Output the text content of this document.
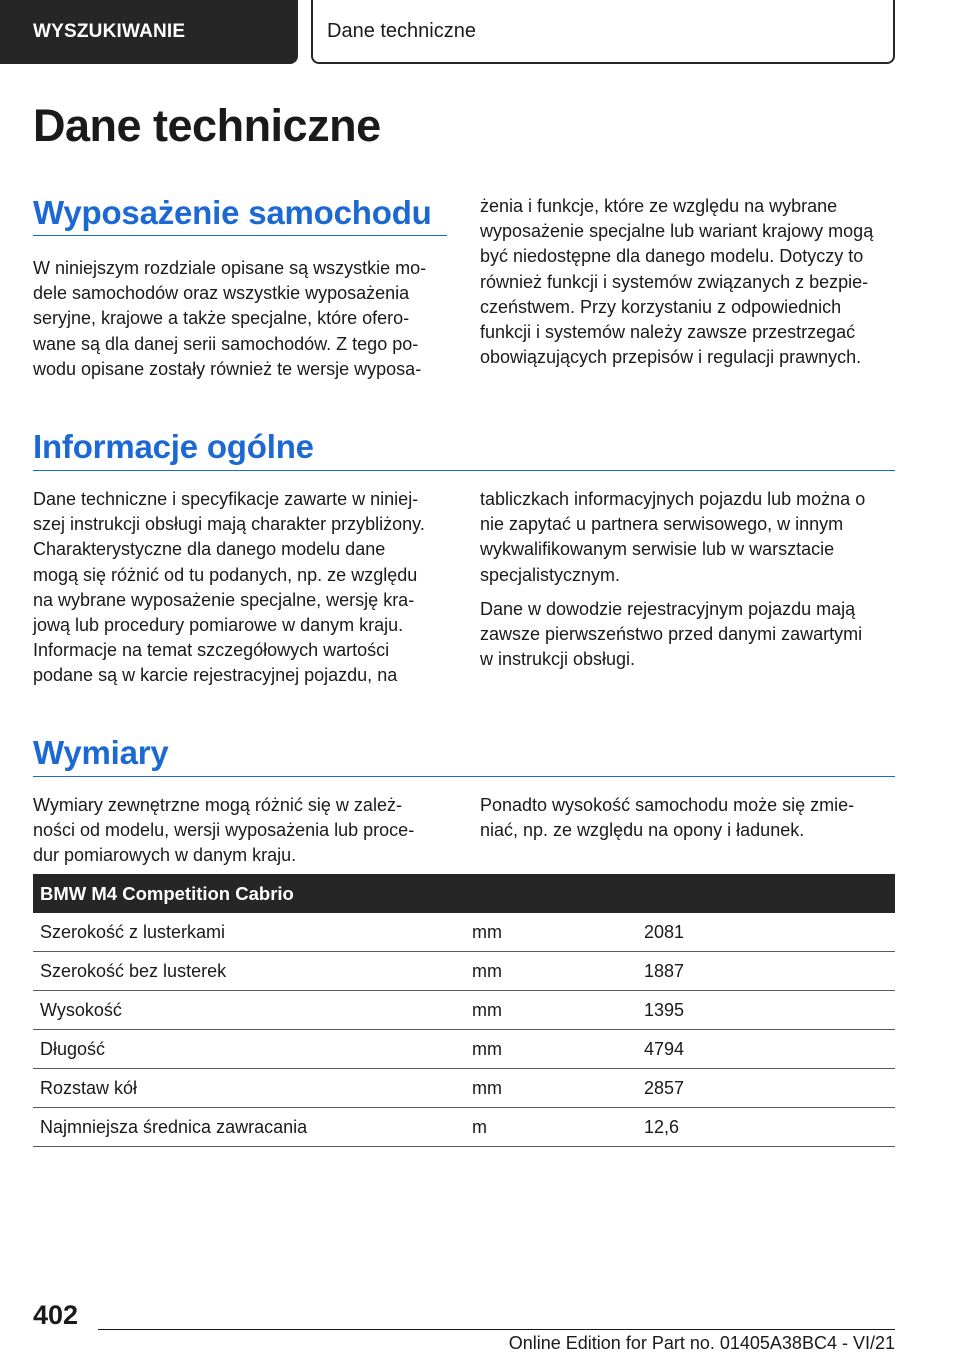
WYSZUKIWANIE	Dane techniczne
Dane techniczne
Wyposażenie samochodu
W niniejszym rozdziale opisane są wszystkie mo‐
dele samochodów oraz wszystkie wyposażenia
seryjne, krajowe a także specjalne, które ofero‐
wane są dla danej serii samochodów. Z tego po‐
wodu opisane zostały również te wersje wyposa‐
żenia i funkcje, które ze względu na wybrane
wyposażenie specjalne lub wariant krajowy mogą
być niedostępne dla danego modelu. Dotyczy to
również funkcji i systemów związanych z bezpie‐
czeństwem. Przy korzystaniu z odpowiednich
funkcji i systemów należy zawsze przestrzegać
obowiązujących przepisów i regulacji prawnych.
Informacje ogólne
Dane techniczne i specyfikacje zawarte w niniej‐
szej instrukcji obsługi mają charakter przybliżony.
Charakterystyczne dla danego modelu dane
mogą się różnić od tu podanych, np. ze względu
na wybrane wyposażenie specjalne, wersję kra‐
jową lub procedury pomiarowe w danym kraju.
Informacje na temat szczegółowych wartości
podane są w karcie rejestracyjnej pojazdu, na
tabliczkach informacyjnych pojazdu lub można o
nie zapytać u partnera serwisowego, w innym
wykwalifikowanym serwisie lub w warsztacie
specjalistycznym.
Dane w dowodzie rejestracyjnym pojazdu mają
zawsze pierwszeństwo przed danymi zawartymi
w instrukcji obsługi.
Wymiary
Wymiary zewnętrzne mogą różnić się w zależ‐
ności od modelu, wersji wyposażenia lub proce‐
dur pomiarowych w danym kraju.
Ponadto wysokość samochodu może się zmie‐
niać, np. ze względu na opony i ładunek.
BMW M4 Competition Cabrio		
Szerokość z lusterkami	mm	2081
Szerokość bez lusterek	mm	1887
Wysokość	mm	1395
Długość	mm	4794
Rozstaw kół	mm	2857
Najmniejsza średnica zawracania	m	12,6
402
Online Edition for Part no. 01405A38BC4 - VI/21
